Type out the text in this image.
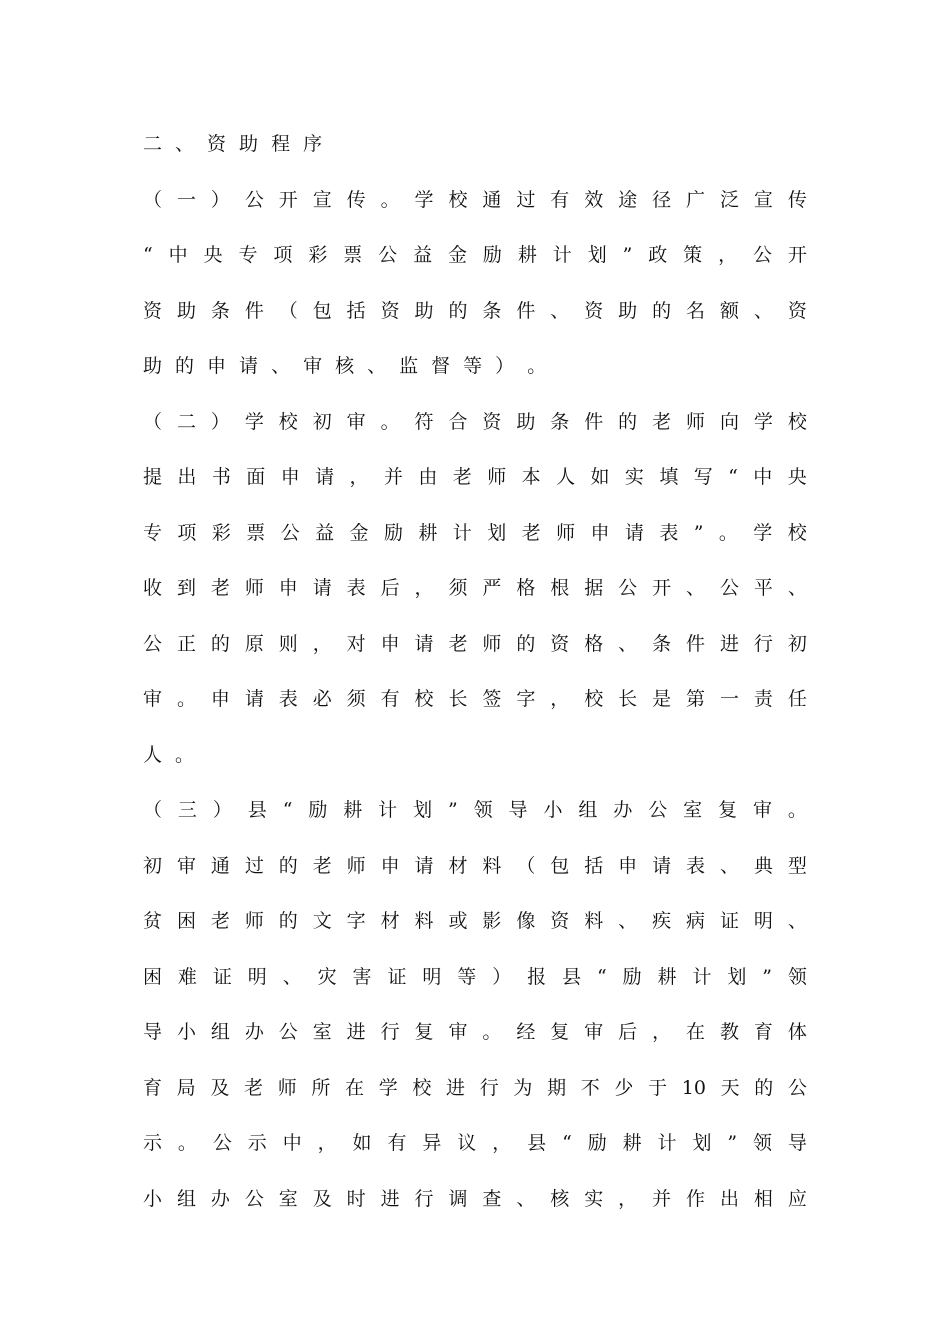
二 、 资 助 程 序
（ 一 ） 公 开 宣 传 。 学 校 通 过 有 效 途 径 广 泛 宣 传
“ 中 央 专 项 彩 票 公 益 金 励 耕 计 划 ” 政 策 ， 公 开
资 助 条 件 （ 包 括 资 助 的 条 件 、 资 助 的 名 额 、 资
助 的 申 请 、 审 核 、 监 督 等 ） 。
（ 二 ） 学 校 初 审 。 符 合 资 助 条 件 的 老 师 向 学 校
提 出 书 面 申 请 ， 并 由 老 师 本 人 如 实 填 写 “ 中 央
专 项 彩 票 公 益 金 励 耕 计 划 老 师 申 请 表 ” 。 学 校
收 到 老 师 申 请 表 后 ， 须 严 格 根 据 公 开 、 公 平 、
公 正 的 原 则 ， 对 申 请 老 师 的 资 格 、 条 件 进 行 初
审 。 申 请 表 必 须 有 校 长 签 字 ， 校 长 是 第 一 责 任
人 。
（ 三 ） 县 “ 励 耕 计 划 ” 领 导 小 组 办 公 室 复 审 。
初 审 通 过 的 老 师 申 请 材 料 （ 包 括 申 请 表 、 典 型
贫 困 老 师 的 文 字 材 料 或 影 像 资 料 、 疾 病 证 明 、
困 难 证 明 、 灾 害 证 明 等 ） 报 县 “ 励 耕 计 划 ” 领
导 小 组 办 公 室 进 行 复 审 。 经 复 审 后 ， 在 教 育 体
育 局 及 老 师 所 在 学 校 进 行 为 期 不 少 于 10 天 的 公
示 。 公 示 中 ， 如 有 异 议 ， 县 “ 励 耕 计 划 ” 领 导
小 组 办 公 室 及 时 进 行 调 查 、 核 实 ， 并 作 出 相 应
